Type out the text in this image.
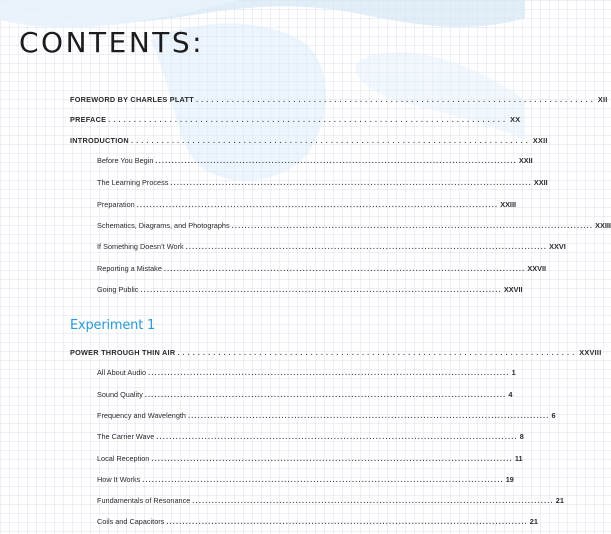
CONTENTS:
FOREWORD BY CHARLES PLATT .............................................................................. XII
PREFACE .............................................................................. XX
INTRODUCTION .............................................................................. XXII
Before You Begin ................................................................................................................ XXII
The Learning Process ................................................................................................................ XXII
Preparation ................................................................................................................ XXIII
Schematics, Diagrams, and Photographs ................................................................................................................ XXIII
If Something Doesn’t Work ................................................................................................................ XXVI
Reporting a Mistake ................................................................................................................ XXVII
Going Public ................................................................................................................ XXVII
Experiment 1
POWER THROUGH THIN AIR .............................................................................. XXVIII
All About Audio ................................................................................................................ 1
Sound Quality ................................................................................................................ 4
Frequency and Wavelength ................................................................................................................ 6
The Carrier Wave ................................................................................................................ 8
Local Reception ................................................................................................................ 11
How It Works ................................................................................................................ 19
Fundamentals of Resonance ................................................................................................................ 21
Coils and Capacitors ................................................................................................................ 21
